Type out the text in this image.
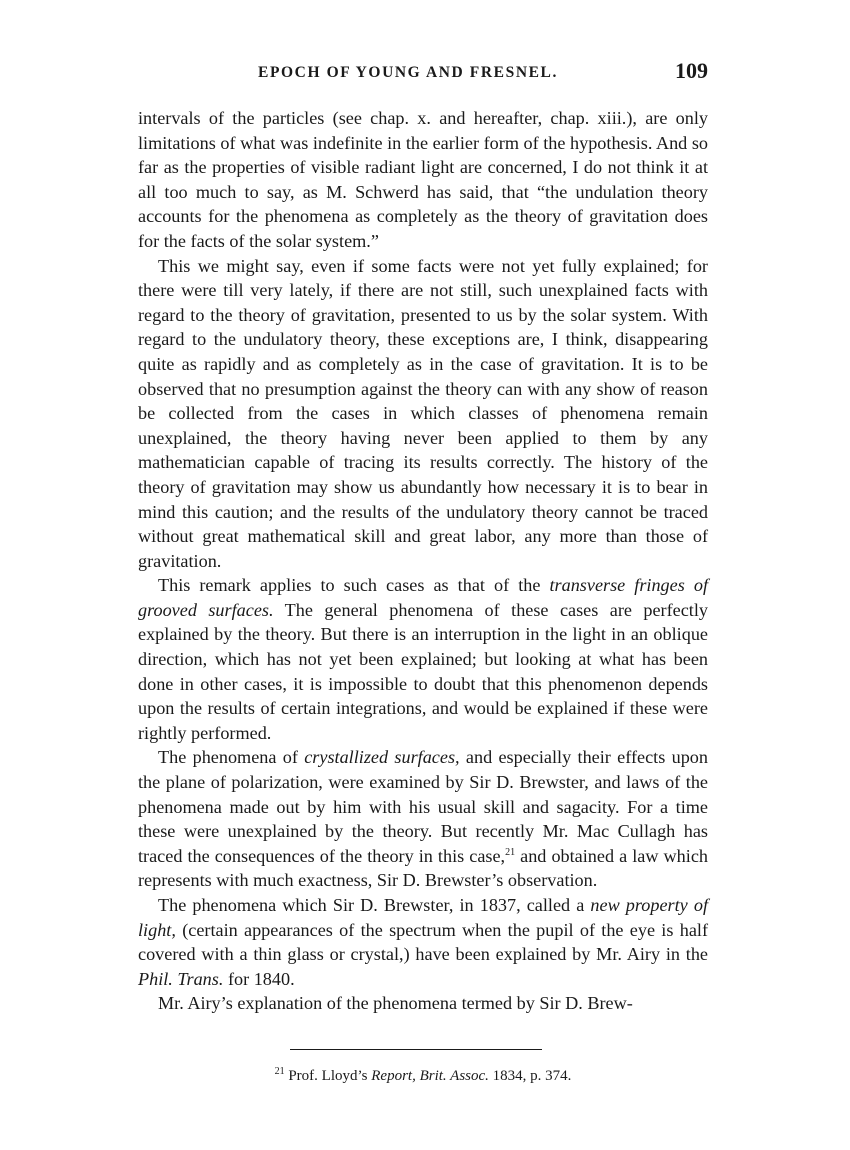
EPOCH OF YOUNG AND FRESNEL.	109

intervals of the particles (see chap. x. and hereafter, chap. xiii.), are only limitations of what was indefinite in the earlier form of the hypothesis. And so far as the properties of visible radiant light are concerned, I do not think it at all too much to say, as M. Schwerd has said, that “the undulation theory accounts for the phenomena as completely as the theory of gravitation does for the facts of the solar system.”

This we might say, even if some facts were not yet fully explained; for there were till very lately, if there are not still, such unexplained facts with regard to the theory of gravitation, presented to us by the solar system. With regard to the undulatory theory, these exceptions are, I think, disappearing quite as rapidly and as completely as in the case of gravitation. It is to be observed that no presumption against the theory can with any show of reason be collected from the cases in which classes of phenomena remain unexplained, the theory having never been applied to them by any mathematician capable of tracing its results correctly. The history of the theory of gravitation may show us abundantly how necessary it is to bear in mind this caution; and the results of the undulatory theory cannot be traced without great mathematical skill and great labor, any more than those of gravitation.

This remark applies to such cases as that of the transverse fringes of grooved surfaces. The general phenomena of these cases are perfectly explained by the theory. But there is an interruption in the light in an oblique direction, which has not yet been explained; but looking at what has been done in other cases, it is impossible to doubt that this phenomenon depends upon the results of certain integrations, and would be explained if these were rightly performed.

The phenomena of crystallized surfaces, and especially their effects upon the plane of polarization, were examined by Sir D. Brewster, and laws of the phenomena made out by him with his usual skill and sagacity. For a time these were unexplained by the theory. But recently Mr. Mac Cullagh has traced the consequences of the theory in this case,$^{21}$ and obtained a law which represents with much exactness, Sir D. Brewster’s observation.

The phenomena which Sir D. Brewster, in 1837, called a new property of light, (certain appearances of the spectrum when the pupil of the eye is half covered with a thin glass or crystal,) have been explained by Mr. Airy in the Phil. Trans. for 1840.

Mr. Airy’s explanation of the phenomena termed by Sir D. Brew-

$^{21}$ Prof. Lloyd’s Report, Brit. Assoc. 1834, p. 374.
